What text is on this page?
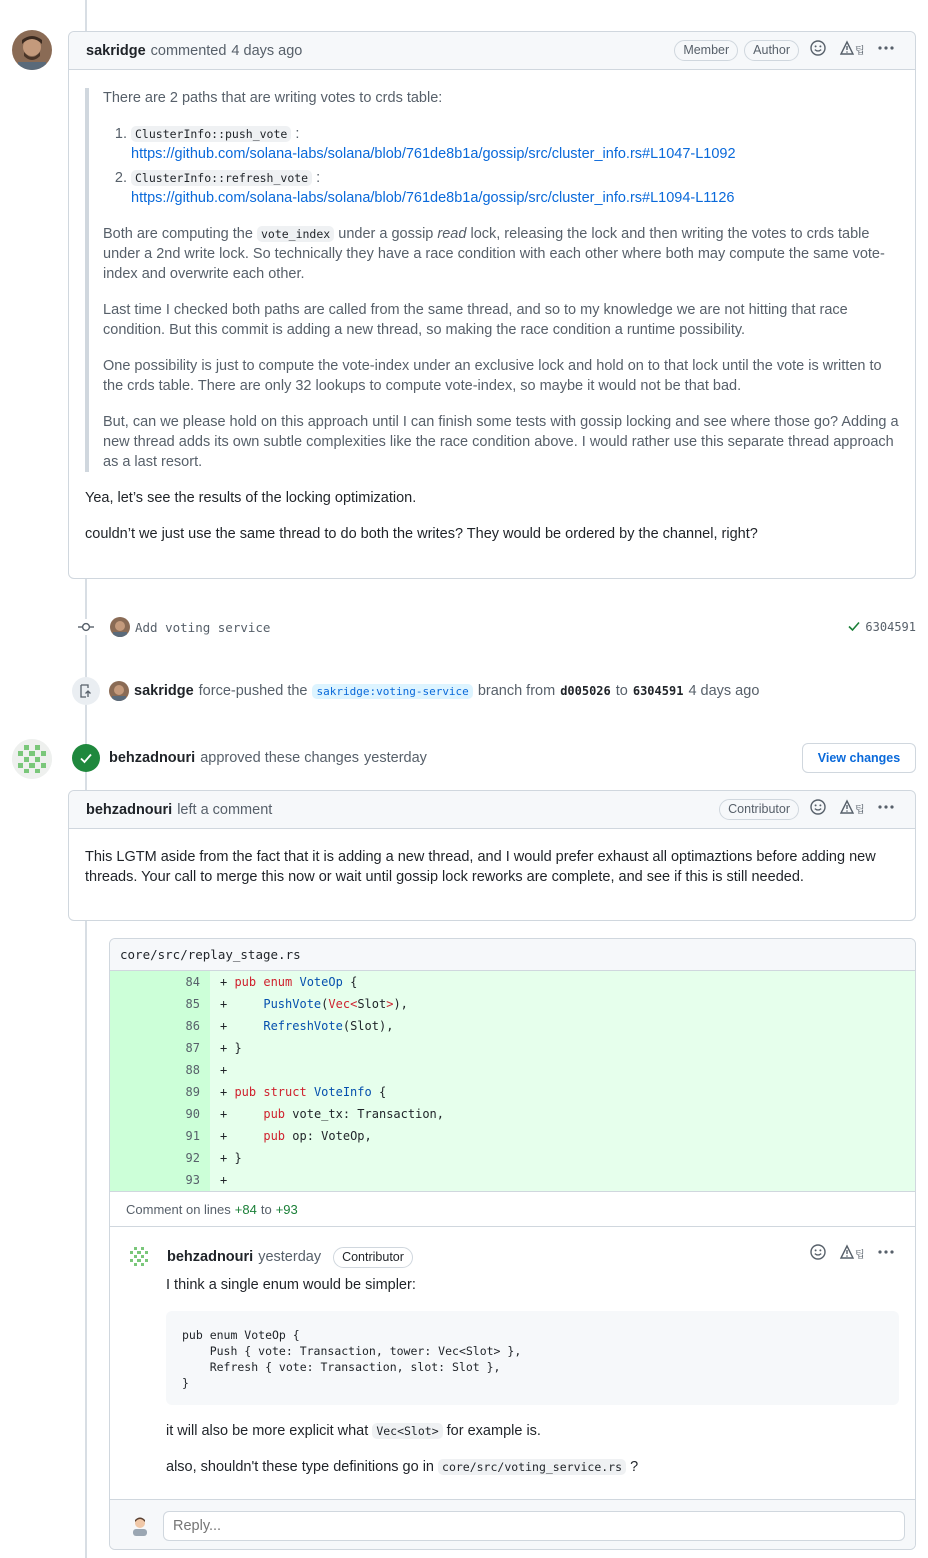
sakridge commented 4 days ago	Member	Author	팁

There are 2 paths that are writing votes to crds table:

1. ClusterInfo::push_vote :
https://github.com/solana-labs/solana/blob/761de8b1a/gossip/src/cluster_info.rs#L1047-L1092
2. ClusterInfo::refresh_vote :
https://github.com/solana-labs/solana/blob/761de8b1a/gossip/src/cluster_info.rs#L1094-L1126

Both are computing the vote_index under a gossip read lock, releasing the lock and then writing the votes to crds table under a 2nd write lock. So technically they have a race condition with each other where both may compute the same vote-index and overwrite each other.

Last time I checked both paths are called from the same thread, and so to my knowledge we are not hitting that race condition. But this commit is adding a new thread, so making the race condition a runtime possibility.

One possibility is just to compute the vote-index under an exclusive lock and hold on to that lock until the vote is written to the crds table. There are only 32 lookups to compute vote-index, so maybe it would not be that bad.

But, can we please hold on this approach until I can finish some tests with gossip locking and see where those go? Adding a new thread adds its own subtle complexities like the race condition above. I would rather use this separate thread approach as a last resort.

Yea, let’s see the results of the locking optimization.

couldn’t we just use the same thread to do both the writes? They would be ordered by the channel, right?

Add voting service	6304591
sakridge force-pushed the sakridge:voting-service branch from d005026 to 6304591 4 days ago
behzadnouri approved these changes yesterday	View changes
behzadnouri left a comment	Contributor	팁

This LGTM aside from the fact that it is adding a new thread, and I would prefer exhaust all optimaztions before adding new threads. Your call to merge this now or wait until gossip lock reworks are complete, and see if this is still needed.

core/src/replay_stage.rs
84	+ pub enum VoteOp {
85	+     PushVote(Vec<Slot>),
86	+     RefreshVote(Slot),
87	+ }
88	+
89	+ pub struct VoteInfo {
90	+     pub vote_tx: Transaction,
91	+     pub op: VoteOp,
92	+ }
93	+
Comment on lines +84 to +93
behzadnouri yesterday	Contributor	팁

I think a single enum would be simpler:

pub enum VoteOp {
Push { vote: Transaction, tower: Vec<Slot> },
Refresh { vote: Transaction, slot: Slot },
}

it will also be more explicit what Vec<Slot> for example is.

also, shouldn't these type definitions go in core/src/voting_service.rs ?

Reply...
